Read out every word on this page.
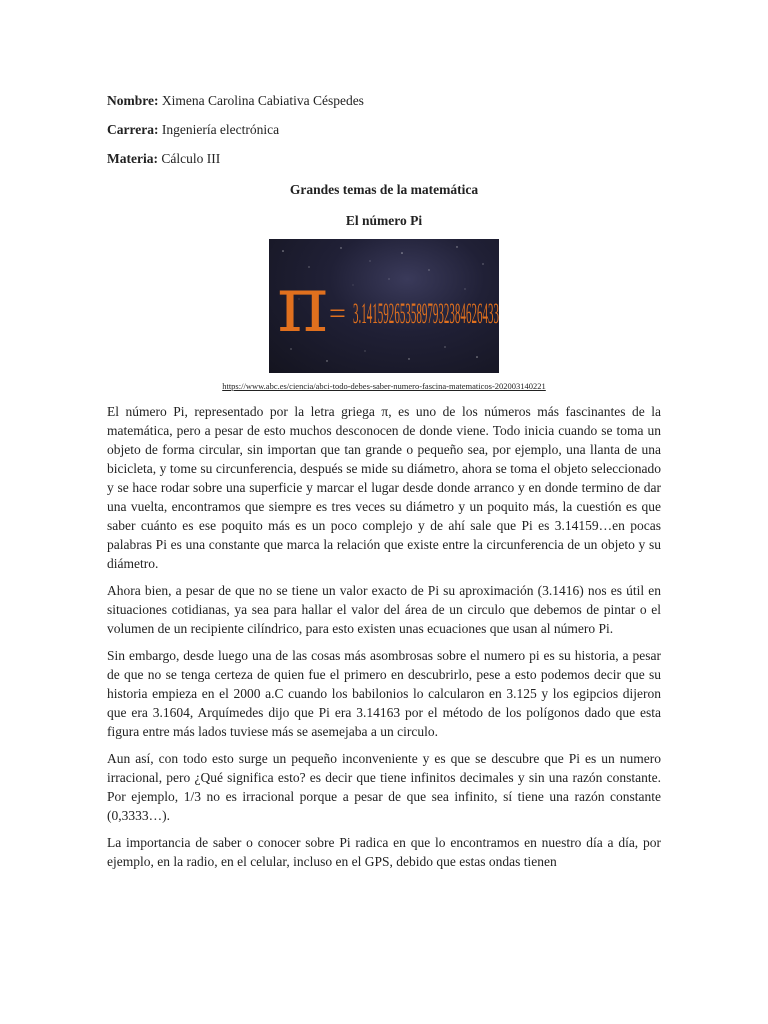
Nombre: Ximena Carolina Cabiativa Céspedes
Carrera: Ingeniería electrónica
Materia: Cálculo III

Grandes temas de la matemática

El número Pi

π = 3.1415926535897932384626433
https://www.abc.es/ciencia/abci-todo-debes-saber-numero-fascina-matematicos-202003140221

El número Pi, representado por la letra griega π, es uno de los números más fascinantes de la matemática, pero a pesar de esto muchos desconocen de donde viene. Todo inicia cuando se toma un objeto de forma circular, sin importan que tan grande o pequeño sea, por ejemplo, una llanta de una bicicleta, y tome su circunferencia, después se mide su diámetro, ahora se toma el objeto seleccionado y se hace rodar sobre una superficie y marcar el lugar desde donde arranco y en donde termino de dar una vuelta, encontramos que siempre es tres veces su diámetro y un poquito más, la cuestión es que saber cuánto es ese poquito más es un poco complejo y de ahí sale que Pi es 3.14159…en pocas palabras Pi es una constante que marca la relación que existe entre la circunferencia de un objeto y su diámetro.

Ahora bien, a pesar de que no se tiene un valor exacto de Pi su aproximación (3.1416) nos es útil en situaciones cotidianas, ya sea para hallar el valor del área de un circulo que debemos de pintar o el volumen de un recipiente cilíndrico, para esto existen unas ecuaciones que usan al número Pi.

Sin embargo, desde luego una de las cosas más asombrosas sobre el numero pi es su historia, a pesar de que no se tenga certeza de quien fue el primero en descubrirlo, pese a esto podemos decir que su historia empieza en el 2000 a.C cuando los babilonios lo calcularon en 3.125 y los egipcios dijeron que era 3.1604, Arquímedes dijo que Pi era 3.14163 por el método de los polígonos dado que esta figura entre más lados tuviese más se asemejaba a un circulo.

Aun así, con todo esto surge un pequeño inconveniente y es que se descubre que Pi es un numero irracional, pero ¿Qué significa esto? es decir que tiene infinitos decimales y sin una razón constante. Por ejemplo, 1/3 no es irracional porque a pesar de que sea infinito, sí tiene una razón constante (0,3333…).

La importancia de saber o conocer sobre Pi radica en que lo encontramos en nuestro día a día, por ejemplo, en la radio, en el celular, incluso en el GPS, debido que estas ondas tienen
